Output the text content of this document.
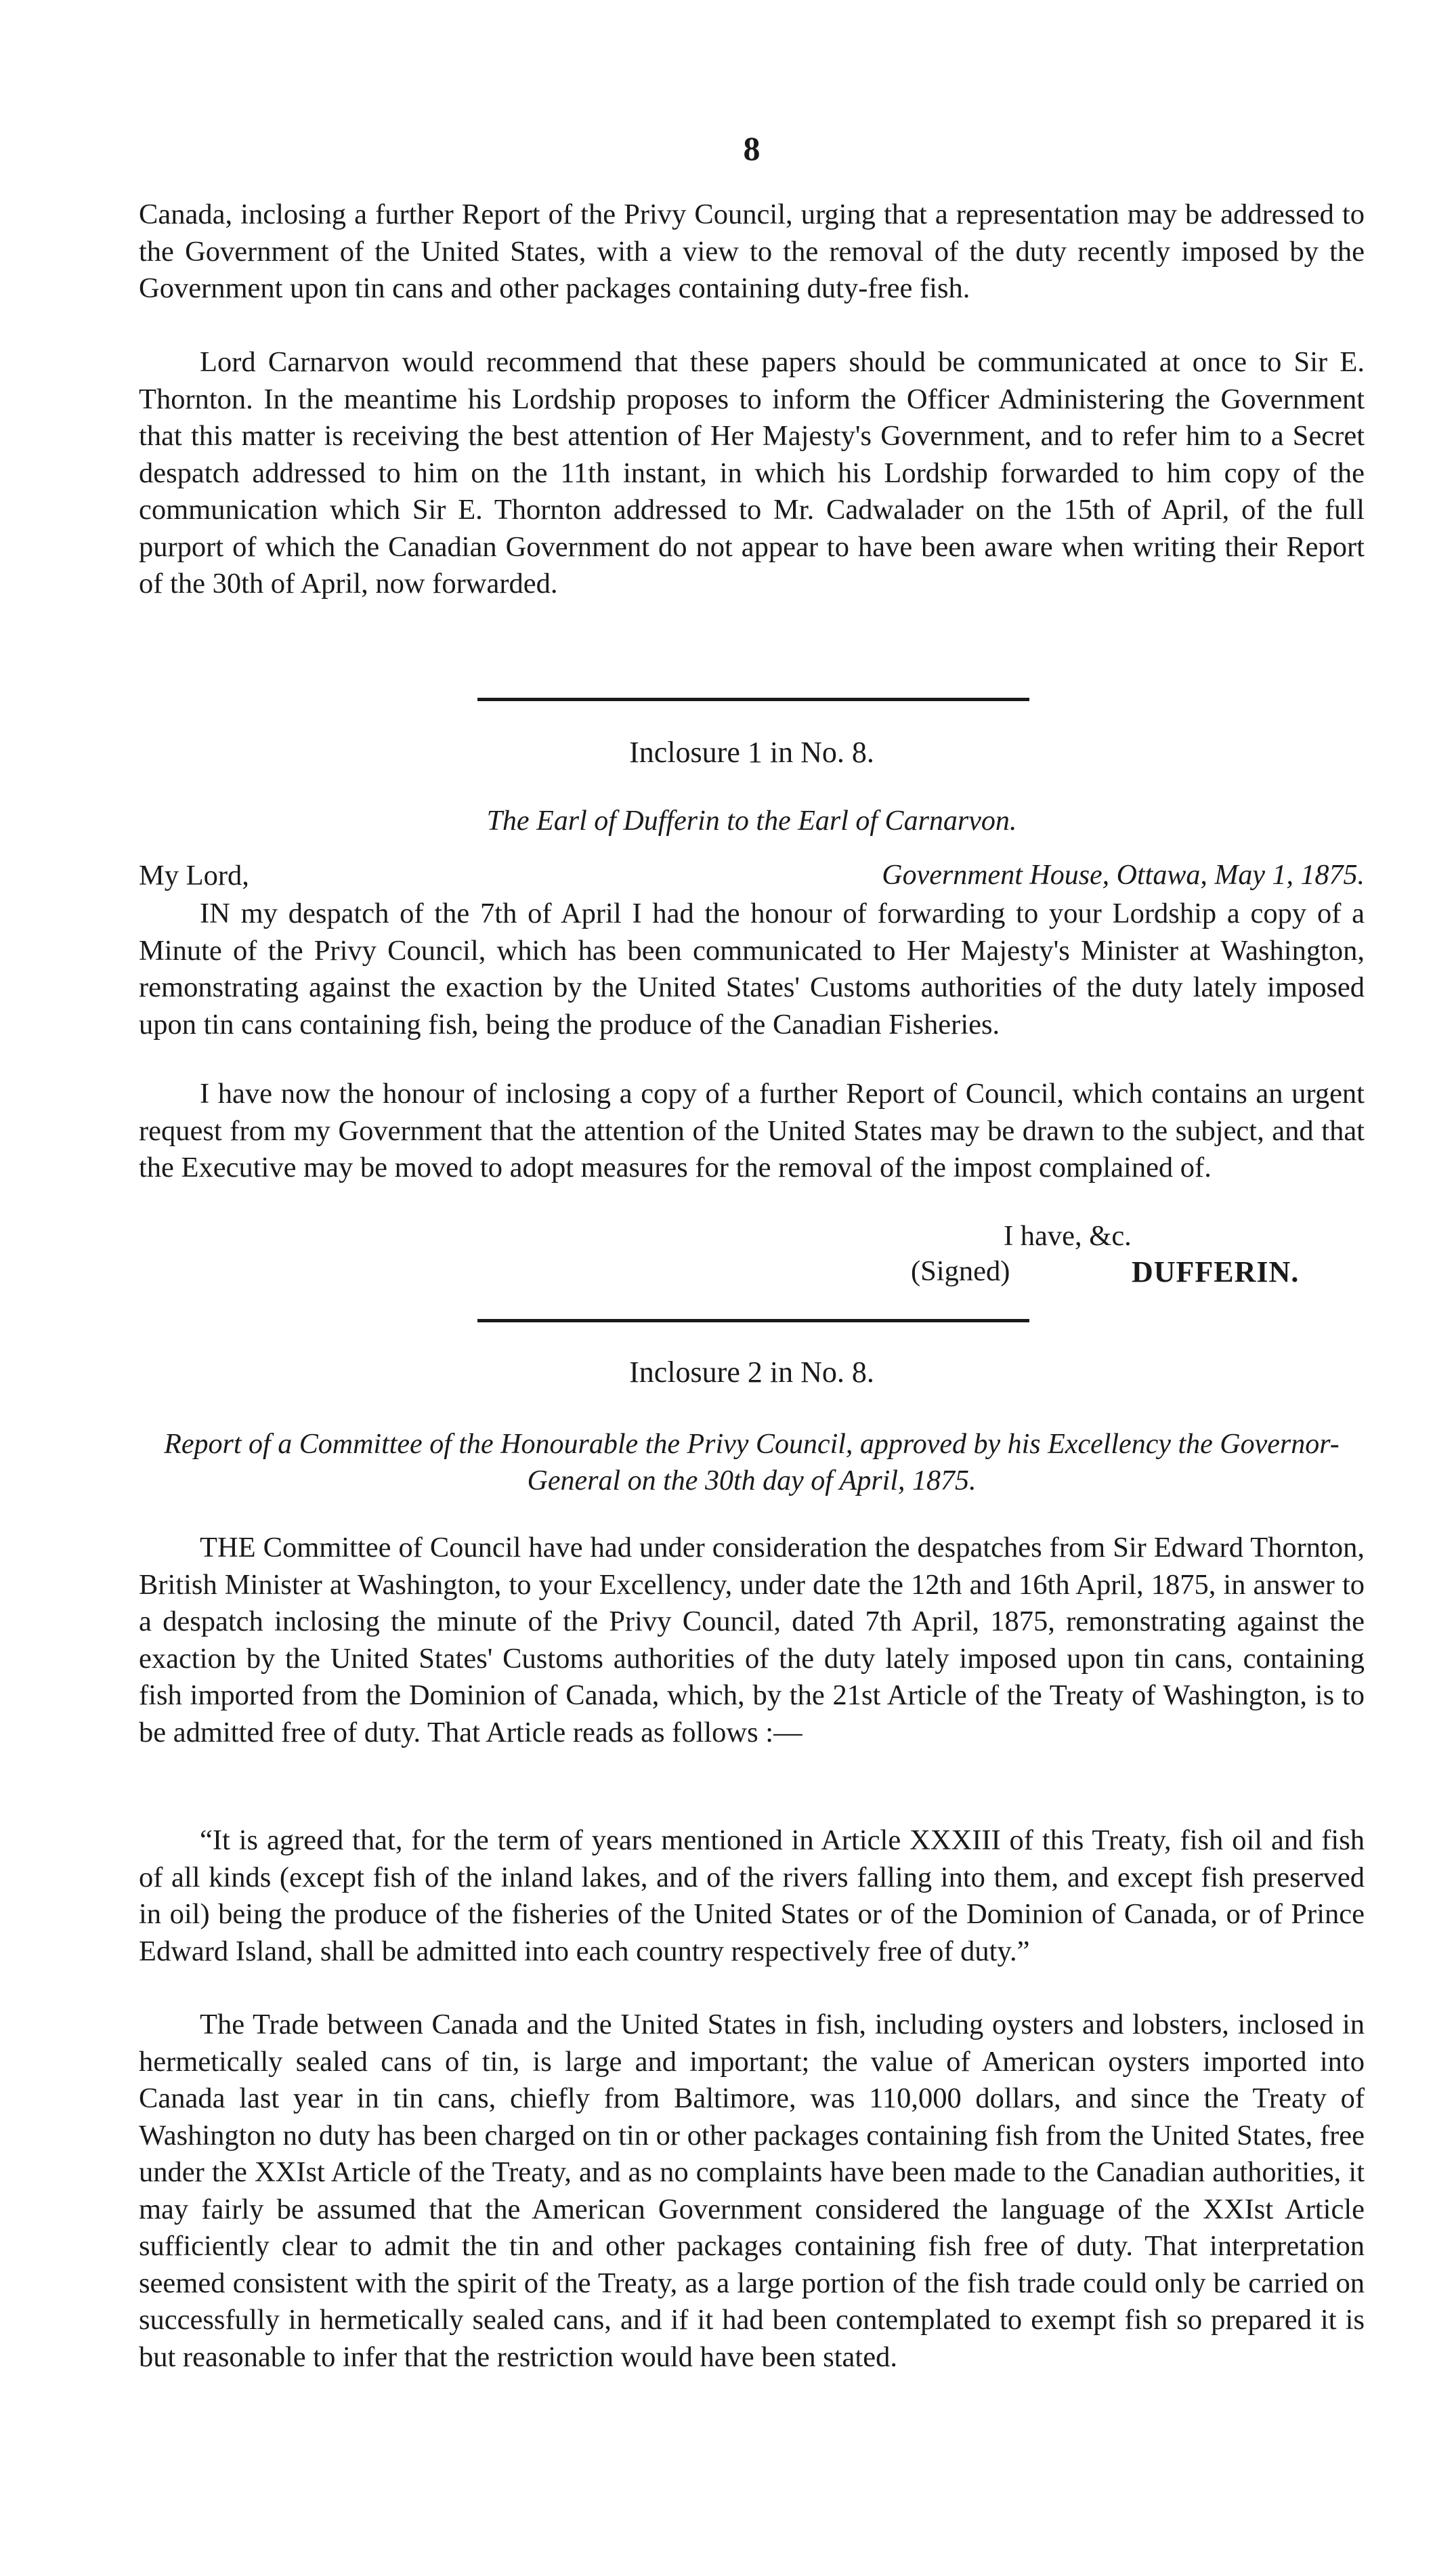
8

Canada, inclosing a further Report of the Privy Council, urging that a representation may be addressed to the Government of the United States, with a view to the removal of the duty recently imposed by the Government upon tin cans and other packages containing duty-free fish.

Lord Carnarvon would recommend that these papers should be communicated at once to Sir E. Thornton. In the meantime his Lordship proposes to inform the Officer Administering the Government that this matter is receiving the best attention of Her Majesty's Government, and to refer him to a Secret despatch addressed to him on the 11th instant, in which his Lordship forwarded to him copy of the communication which Sir E. Thornton addressed to Mr. Cadwalader on the 15th of April, of the full purport of which the Canadian Government do not appear to have been aware when writing their Report of the 30th of April, now forwarded.

Inclosure 1 in No. 8.
The Earl of Dufferin to the Earl of Carnarvon.
My Lord,	Government House, Ottawa, May 1, 1875.

IN my despatch of the 7th of April I had the honour of forwarding to your Lordship a copy of a Minute of the Privy Council, which has been communicated to Her Majesty's Minister at Washington, remonstrating against the exaction by the United States' Customs authorities of the duty lately imposed upon tin cans containing fish, being the produce of the Canadian Fisheries.

I have now the honour of inclosing a copy of a further Report of Council, which contains an urgent request from my Government that the attention of the United States may be drawn to the subject, and that the Executive may be moved to adopt measures for the removal of the impost complained of.

I have, &c.
(Signed)	DUFFERIN.
Inclosure 2 in No. 8.
Report of a Committee of the Honourable the Privy Council, approved by his Excellency the Governor-General on the 30th day of April, 1875.

THE Committee of Council have had under consideration the despatches from Sir Edward Thornton, British Minister at Washington, to your Excellency, under date the 12th and 16th April, 1875, in answer to a despatch inclosing the minute of the Privy Council, dated 7th April, 1875, remonstrating against the exaction by the United States' Customs authorities of the duty lately imposed upon tin cans, containing fish imported from the Dominion of Canada, which, by the 21st Article of the Treaty of Washington, is to be admitted free of duty. That Article reads as follows :—

“It is agreed that, for the term of years mentioned in Article XXXIII of this Treaty, fish oil and fish of all kinds (except fish of the inland lakes, and of the rivers falling into them, and except fish preserved in oil) being the produce of the fisheries of the United States or of the Dominion of Canada, or of Prince Edward Island, shall be admitted into each country respectively free of duty.”

The Trade between Canada and the United States in fish, including oysters and lobsters, inclosed in hermetically sealed cans of tin, is large and important; the value of American oysters imported into Canada last year in tin cans, chiefly from Baltimore, was 110,000 dollars, and since the Treaty of Washington no duty has been charged on tin or other packages containing fish from the United States, free under the XXIst Article of the Treaty, and as no complaints have been made to the Canadian authorities, it may fairly be assumed that the American Government considered the language of the XXIst Article sufficiently clear to admit the tin and other packages containing fish free of duty. That interpretation seemed consistent with the spirit of the Treaty, as a large portion of the fish trade could only be carried on successfully in hermetically sealed cans, and if it had been contemplated to exempt fish so prepared it is but reasonable to infer that the restriction would have been stated.
